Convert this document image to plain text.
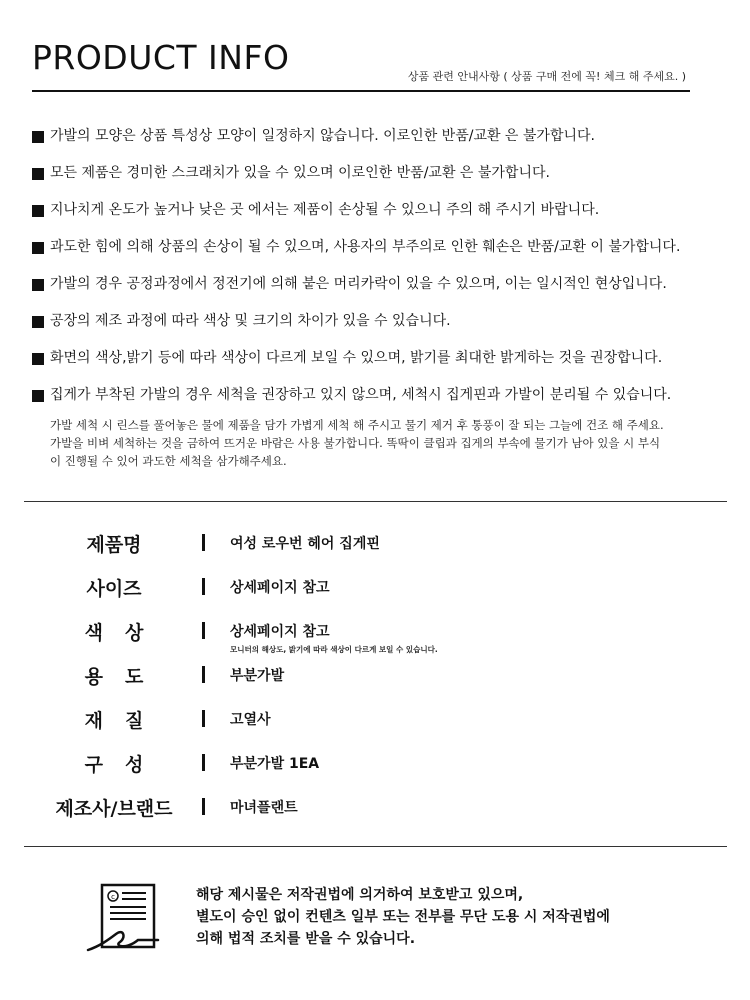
PRODUCT INFO	상품 관련 안내사항 ( 상품 구매 전에 꼭! 체크 해 주세요. )
가발의 모양은 상품 특성상 모양이 일정하지 않습니다. 이로인한 반품/교환 은 불가합니다.
모든 제품은 경미한 스크래치가 있을 수 있으며 이로인한 반품/교환 은 불가합니다.
지나치게 온도가 높거나 낮은 곳 에서는 제품이 손상될 수 있으니 주의 해 주시기 바랍니다.
과도한 힘에 의해 상품의 손상이 될 수 있으며, 사용자의 부주의로 인한 훼손은 반품/교환 이 불가합니다.
가발의 경우 공정과정에서 정전기에 의해 붙은 머리카락이 있을 수 있으며, 이는 일시적인 현상입니다.
공장의 제조 과정에 따라 색상 및 크기의 차이가 있을 수 있습니다.
화면의 색상,밝기 등에 따라 색상이 다르게 보일 수 있으며, 밝기를 최대한 밝게하는 것을 권장합니다.
집게가 부착된 가발의 경우 세척을 권장하고 있지 않으며, 세척시 집게핀과 가발이 분리될 수 있습니다.
가발 세척 시 린스를 풀어놓은 물에 제품을 담가 가볍게 세척 해 주시고 물기 제거 후 통풍이 잘 되는 그늘에 건조 해 주세요.
가발을 비벼 세척하는 것을 금하여 뜨거운 바람은 사용 불가합니다. 똑딱이 클립과 집게의 부속에 물기가 남아 있을 시 부식
이 진행될 수 있어 과도한 세척을 삼가해주세요.
제품명	여성 로우번 헤어 집게핀
사이즈	상세페이지 참고
색상	상세페이지 참고
모니터의 해상도, 밝기에 따라 색상이 다르게 보일 수 있습니다.
용도	부분가발
재질	고열사
구성	부분가발 1EA
제조사/브랜드	마녀플랜트
c	해당 제시물은 저작권법에 의거하여 보호받고 있으며,
별도이 승인 없이 컨텐츠 일부 또는 전부를 무단 도용 시 저작권법에
의해 법적 조치를 받을 수 있습니다.
